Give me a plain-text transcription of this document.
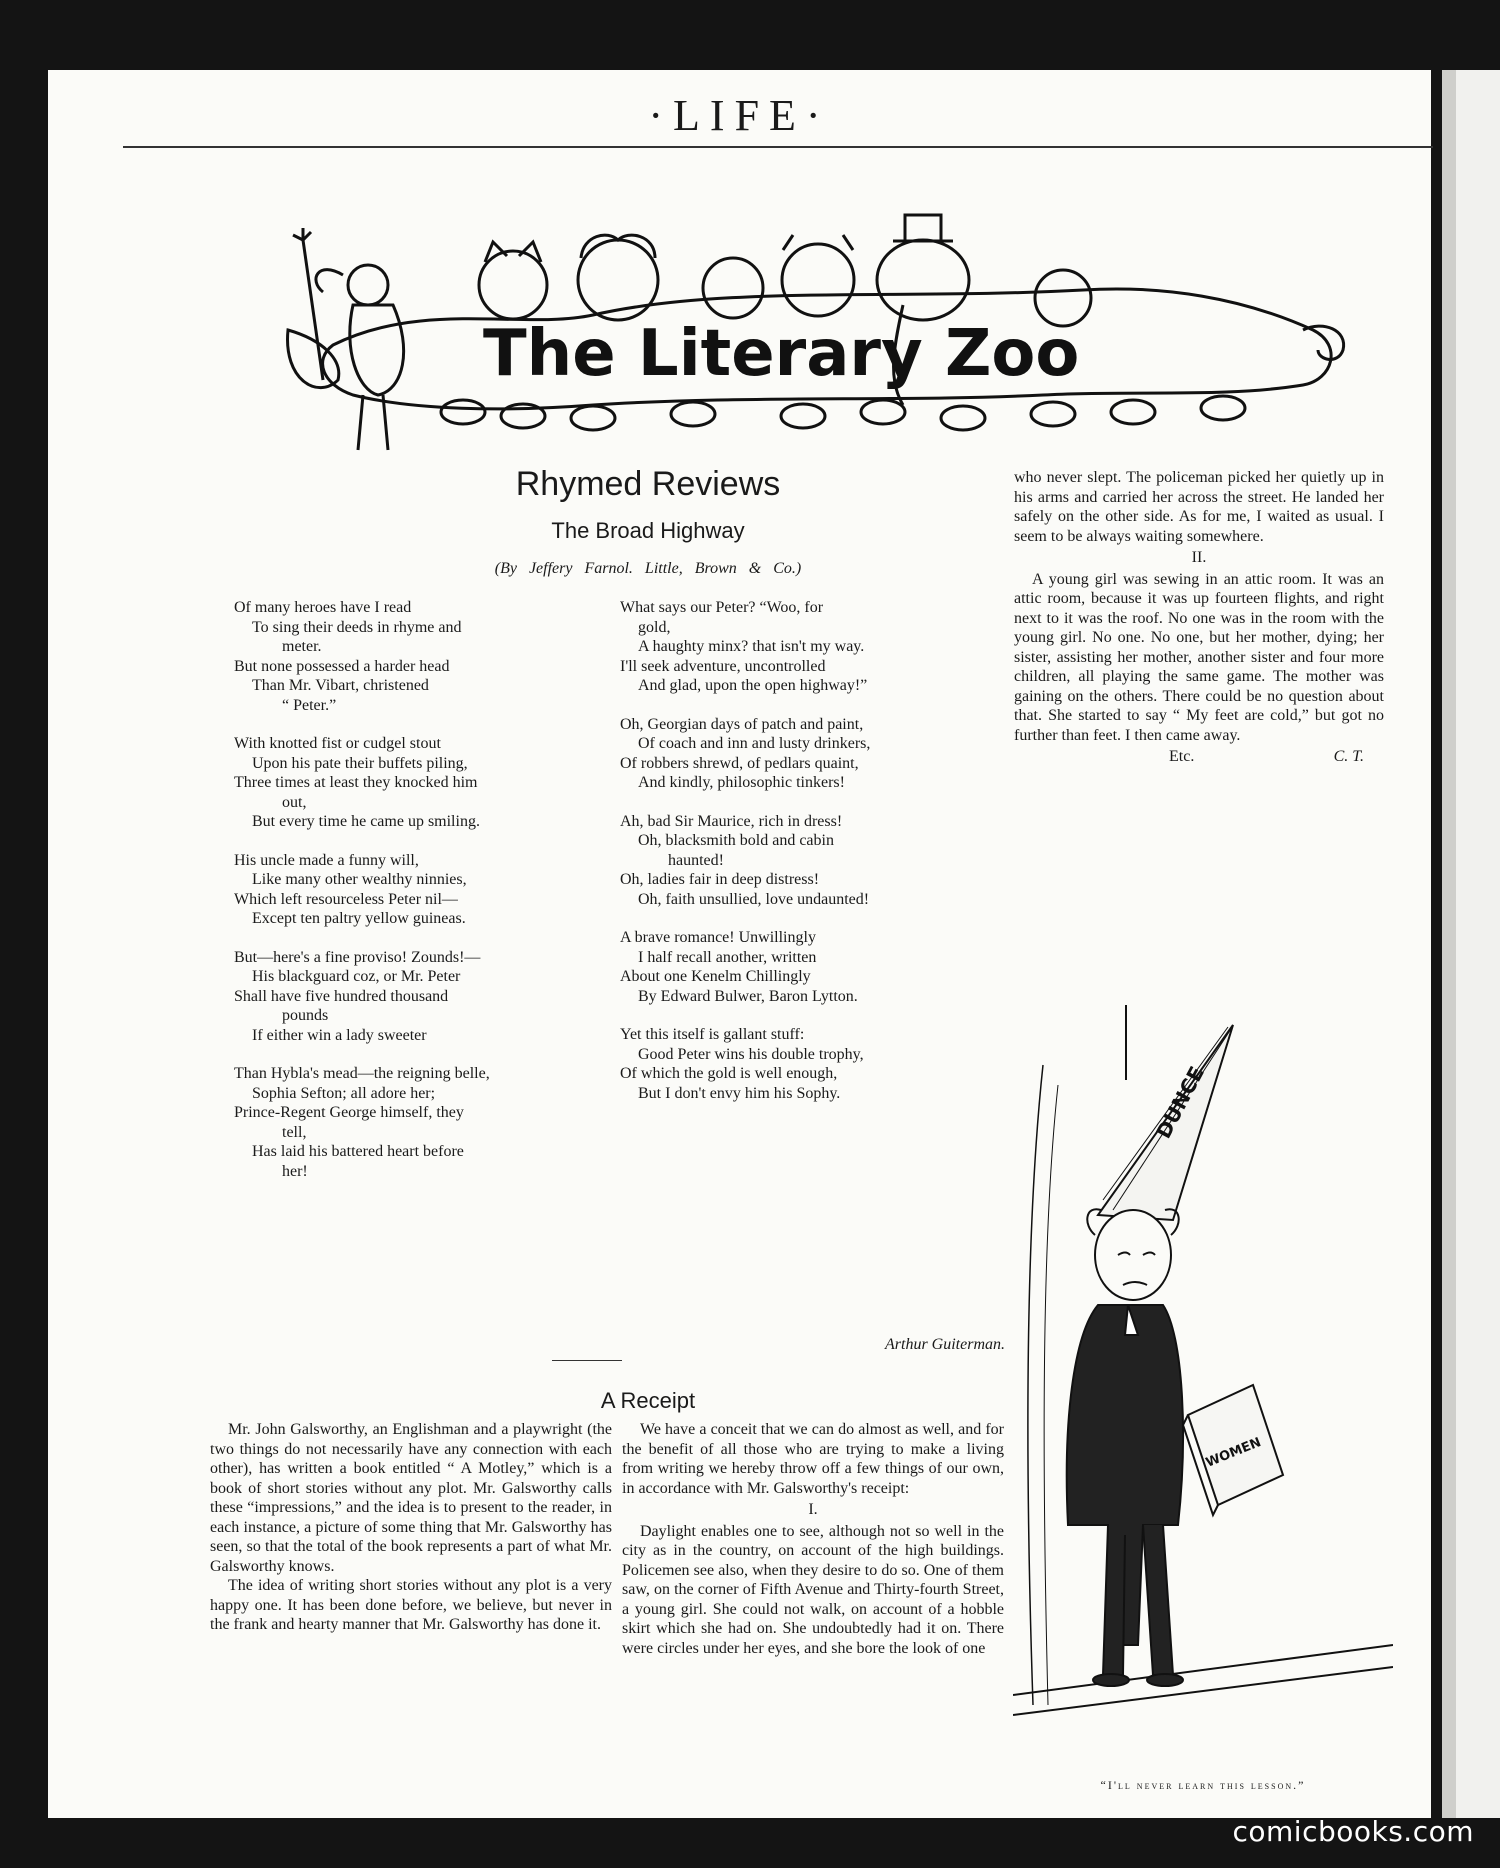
·LIFE·
The Literary Zoo
Rhymed Reviews
The Broad Highway
(By Jeffery Farnol. Little, Brown & Co.)
Of many heroes have I read
To sing their deeds in rhyme and
meter.
But none possessed a harder head
Than Mr. Vibart, christened
“ Peter.”
With knotted fist or cudgel stout
Upon his pate their buffets piling,
Three times at least they knocked him
out,
But every time he came up smiling.
His uncle made a funny will,
Like many other wealthy ninnies,
Which left resourceless Peter nil—
Except ten paltry yellow guineas.
But—here's a fine proviso! Zounds!—
His blackguard coz, or Mr. Peter
Shall have five hundred thousand
pounds
If either win a lady sweeter
Than Hybla's mead—the reigning belle,
Sophia Sefton; all adore her;
Prince-Regent George himself, they
tell,
Has laid his battered heart before
her!
What says our Peter? “Woo, for
gold,
A haughty minx? that isn't my way.
I'll seek adventure, uncontrolled
And glad, upon the open highway!”
Oh, Georgian days of patch and paint,
Of coach and inn and lusty drinkers,
Of robbers shrewd, of pedlars quaint,
And kindly, philosophic tinkers!
Ah, bad Sir Maurice, rich in dress!
Oh, blacksmith bold and cabin
haunted!
Oh, ladies fair in deep distress!
Oh, faith unsullied, love undaunted!
A brave romance! Unwillingly
I half recall another, written
About one Kenelm Chillingly
By Edward Bulwer, Baron Lytton.
Yet this itself is gallant stuff:
Good Peter wins his double trophy,
Of which the gold is well enough,
But I don't envy him his Sophy.
Arthur Guiterman.
A Receipt

Mr. John Galsworthy, an Englishman and a playwright (the two things do not necessarily have any connection with each other), has written a book entitled “ A Motley,” which is a book of short stories without any plot. Mr. Galsworthy calls these “impressions,” and the idea is to present to the reader, in each instance, a picture of some thing that Mr. Galsworthy has seen, so that the total of the book represents a part of what Mr. Galsworthy knows.

The idea of writing short stories without any plot is a very happy one. It has been done before, we believe, but never in the frank and hearty manner that Mr. Galsworthy has done it.

We have a conceit that we can do almost as well, and for the benefit of all those who are trying to make a living from writing we hereby throw off a few things of our own, in accordance with Mr. Galsworthy's receipt:

I.

Daylight enables one to see, although not so well in the city as in the country, on account of the high buildings. Policemen see also, when they desire to do so. One of them saw, on the corner of Fifth Avenue and Thirty-fourth Street, a young girl. She could not walk, on account of a hobble skirt which she had on. She undoubtedly had it on. There were circles under her eyes, and she bore the look of one

who never slept. The policeman picked her quietly up in his arms and carried her across the street. He landed her safely on the other side. As for me, I waited as usual. I seem to be always waiting somewhere.

II.

A young girl was sewing in an attic room. It was an attic room, because it was up fourteen flights, and right next to it was the roof. No one was in the room with the young girl. No one. No one, but her mother, dying; her sister, assisting her mother, another sister and four more children, all playing the same game. The mother was gaining on the others. There could be no question about that. She started to say “ My feet are cold,” but got no further than feet. I then came away.

Etc.	C. T.
DUNCE
WOMEN
“I'll never learn this lesson.”
comicbooks.com
